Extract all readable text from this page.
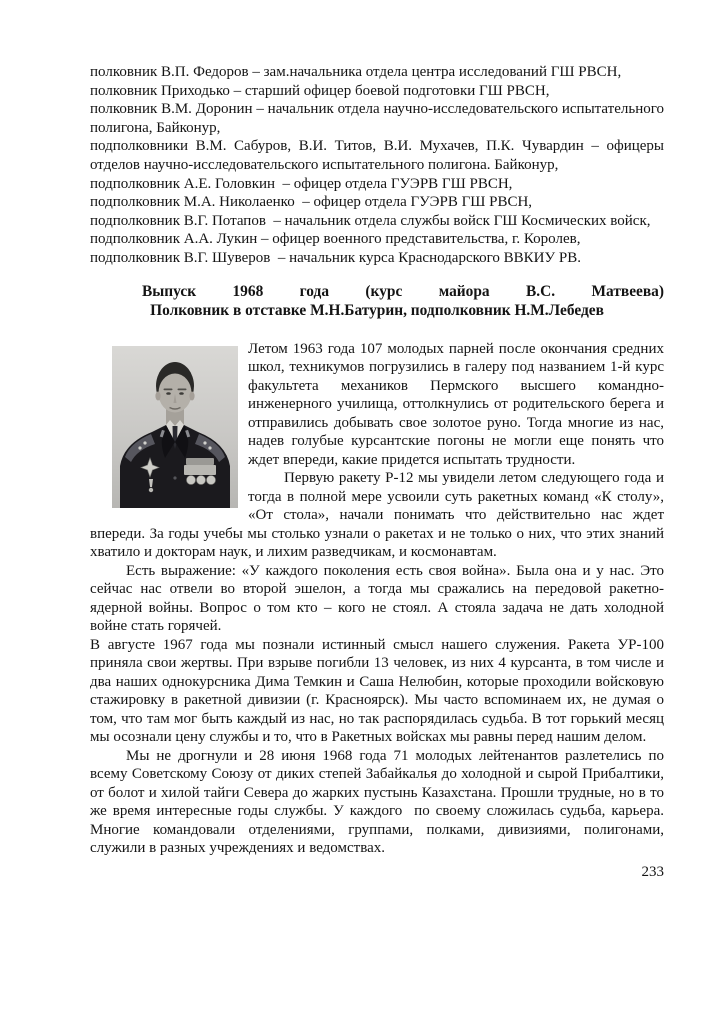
полковник В.П. Федоров – зам.начальника отдела центра исследований ГШ РВСН,

полковник Приходько – старший офицер боевой подготовки ГШ РВСН,

полковник В.М. Доронин – начальник отдела научно-исследовательского испытательного полигона, Байконур,

подполковники В.М. Сабуров, В.И. Титов, В.И. Мухачев, П.К. Чувардин – офицеры отделов научно-исследовательского испытательного полигона. Байконур,

подполковник А.Е. Головкин  – офицер отдела ГУЭРВ ГШ РВСН,

подполковник М.А. Николаенко  – офицер отдела ГУЭРВ ГШ РВСН,

подполковник В.Г. Потапов  – начальник отдела службы войск ГШ Космических войск,

подполковник А.А. Лукин – офицер военного представительства, г. Королев,

подполковник В.Г. Шуверов  – начальник курса Краснодарского ВВКИУ РВ.

Выпуск 1968 года (курс майора В.С. Матвеева)
Полковник в отставке М.Н.Батурин, подполковник Н.М.Лебедев

Летом 1963 года 107 молодых парней после окончания средних школ, техникумов погрузились в галеру под названием 1-й курс факультета механиков Пермского высшего командно- инженерного училища, оттолкнулись от родительского берега и отправились добывать свое золотое руно. Тогда многие из нас, надев голубые курсантские погоны не могли еще понять что ждет впереди, какие придется испытать трудности.

Первую ракету Р-12 мы увидели летом следующего года и тогда в полной мере усвоили суть ракетных команд «К столу», «От стола», начали понимать что действительно нас ждет впереди. За годы учебы мы столько узнали о ракетах и не только о них, что этих знаний хватило и докторам наук, и лихим разведчикам, и космонавтам.

Есть выражение: «У каждого поколения есть своя война». Была она и у нас. Это сейчас нас отвели во второй эшелон, а тогда мы сражались на передовой ракетно-ядерной войны. Вопрос о том кто – кого не стоял. А стояла задача не дать холодной войне стать горячей.

В августе 1967 года мы познали истинный смысл нашего служения. Ракета УР-100 приняла свои жертвы. При взрыве погибли 13 человек, из них 4 курсанта, в том числе и два наших однокурсника Дима Темкин и Саша Нелюбин, которые проходили войсковую стажировку в ракетной дивизии (г. Красноярск). Мы часто вспоминаем их, не думая о том, что там мог быть каждый из нас, но так распорядилась судьба. В тот горький месяц мы осознали цену службы и то, что в Ракетных войсках мы равны перед нашим делом.

Мы не дрогнули и 28 июня 1968 года 71 молодых лейтенантов разлетелись по всему Советскому Союзу от диких степей Забайкалья до холодной и сырой Прибалтики, от болот и хилой тайги Севера до жарких пустынь Казахстана. Прошли трудные, но в то же время интересные годы службы. У каждого  по своему сложилась судьба, карьера. Многие командовали отделениями, группами, полками, дивизиями, полигонами, служили в разных учреждениях и ведомствах.

233
